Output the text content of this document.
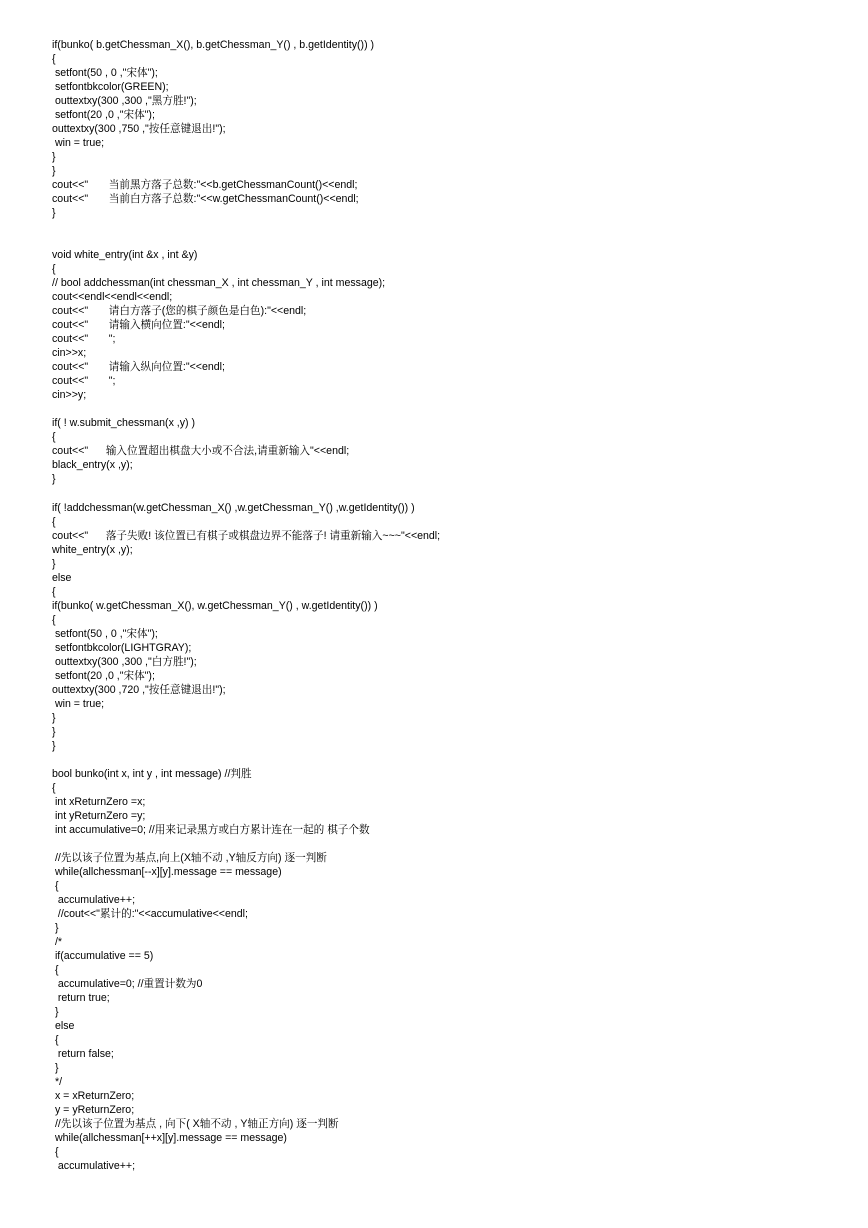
if(bunko( b.getChessman_X(), b.getChessman_Y() , b.getIdentity()) )
{
setfont(50 , 0 ,"宋体");
setfontbkcolor(GREEN);
outtextxy(300 ,300 ,"黑方胜!");
setfont(20 ,0 ,"宋体");
outtextxy(300 ,750 ,"按任意键退出!");
win = true;
}
}
cout<<"       当前黑方落子总数:"<<b.getChessmanCount()<<endl;
cout<<"       当前白方落子总数:"<<w.getChessmanCount()<<endl;
}
void white_entry(int &x , int &y)
{
// bool addchessman(int chessman_X , int chessman_Y , int message);
cout<<endl<<endl<<endl;
cout<<"       请白方落子(您的棋子颜色是白色):"<<endl;
cout<<"       请输入横向位置:"<<endl;
cout<<"       ";
cin>>x;
cout<<"       请输入纵向位置:"<<endl;
cout<<"       ";
cin>>y;
if( ! w.submit_chessman(x ,y) )
{
cout<<"      输入位置超出棋盘大小或不合法,请重新输入"<<endl;
black_entry(x ,y);
}
if( !addchessman(w.getChessman_X() ,w.getChessman_Y() ,w.getIdentity()) )
{
cout<<"      落子失败! 该位置已有棋子或棋盘边界不能落子! 请重新输入~~~"<<endl;
white_entry(x ,y);
}
else
{
if(bunko( w.getChessman_X(), w.getChessman_Y() , w.getIdentity()) )
{
setfont(50 , 0 ,"宋体");
setfontbkcolor(LIGHTGRAY);
outtextxy(300 ,300 ,"白方胜!");
setfont(20 ,0 ,"宋体");
outtextxy(300 ,720 ,"按任意键退出!");
win = true;
}
}
}
bool bunko(int x, int y , int message) //判胜
{
int xReturnZero =x;
int yReturnZero =y;
int accumulative=0; //用来记录黑方或白方累计连在一起的 棋子个数
//先以该子位置为基点,向上(X轴不动 ,Y轴反方向) 逐一判断
while(allchessman[--x][y].message == message)
{
accumulative++;
//cout<<"累计的:"<<accumulative<<endl;
}
/*
if(accumulative == 5)
{
accumulative=0; //重置计数为0
return true;
}
else
{
return false;
}
*/
x = xReturnZero;
y = yReturnZero;
//先以该子位置为基点 , 向下( X轴不动 , Y轴正方向) 逐一判断
while(allchessman[++x][y].message == message)
{
accumulative++;
